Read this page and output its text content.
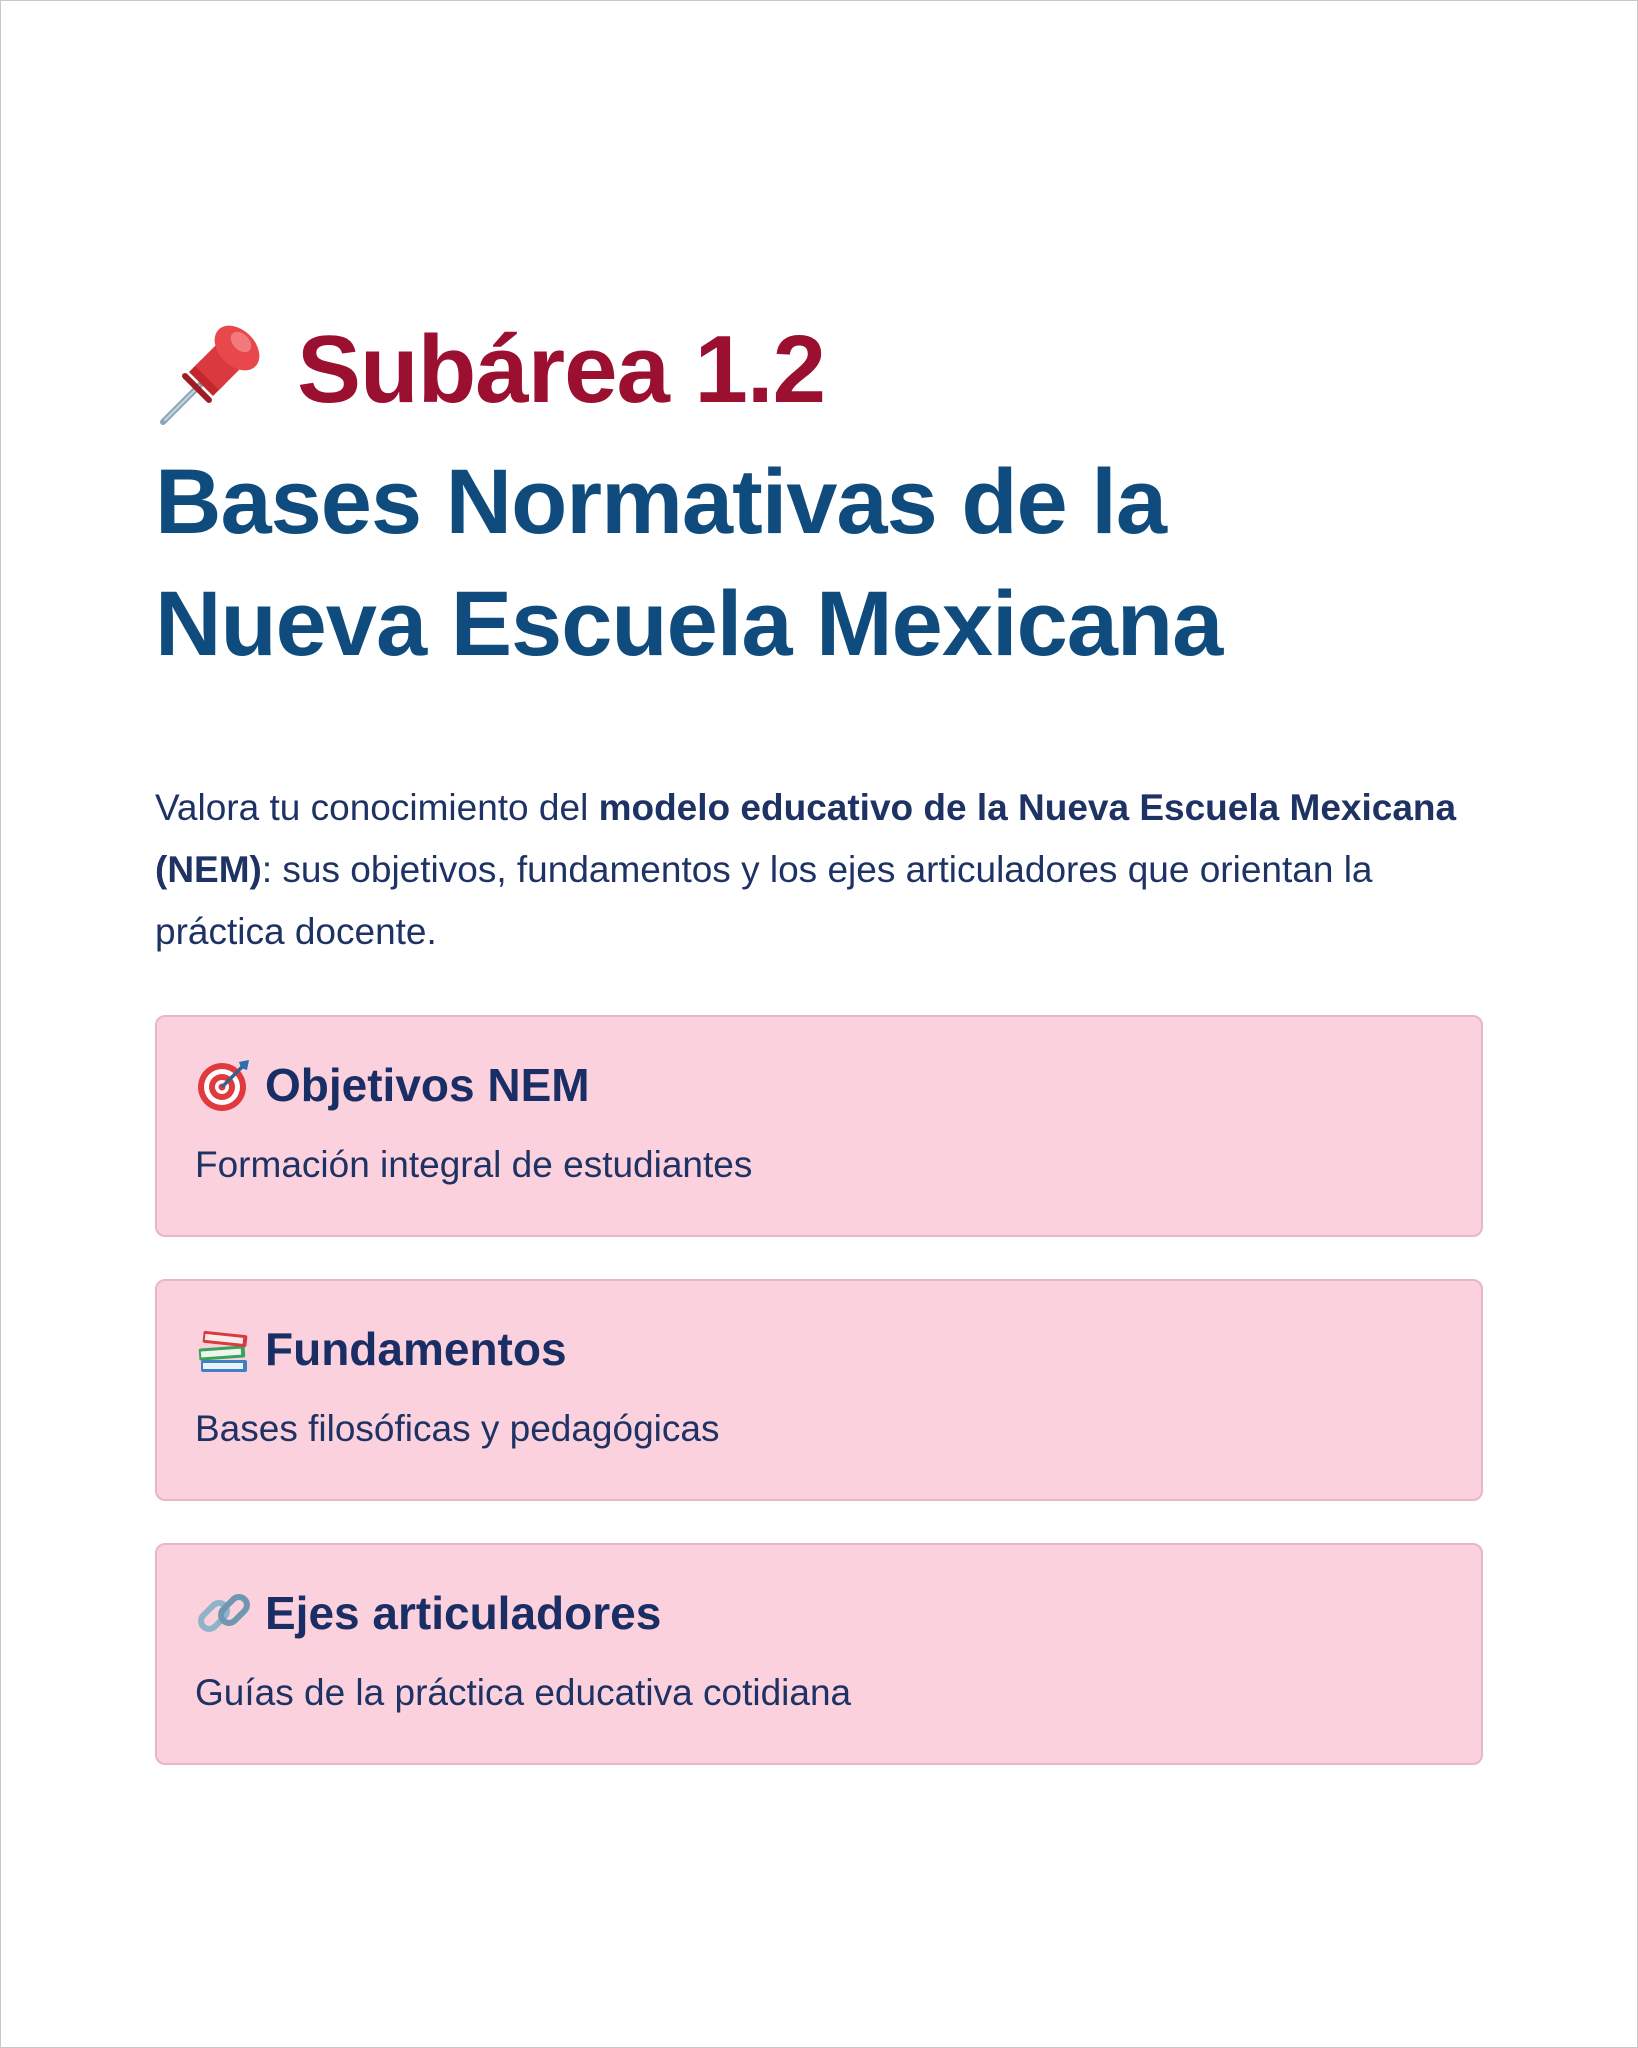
Subárea 1.2
Bases Normativas de la
Nueva Escuela Mexicana

Valora tu conocimiento del modelo educativo de la Nueva Escuela Mexicana (NEM): sus objetivos, fundamentos y los ejes articuladores que orientan la práctica docente.

Objetivos NEM
Formación integral de estudiantes
Fundamentos
Bases filosóficas y pedagógicas
Ejes articuladores
Guías de la práctica educativa cotidiana
